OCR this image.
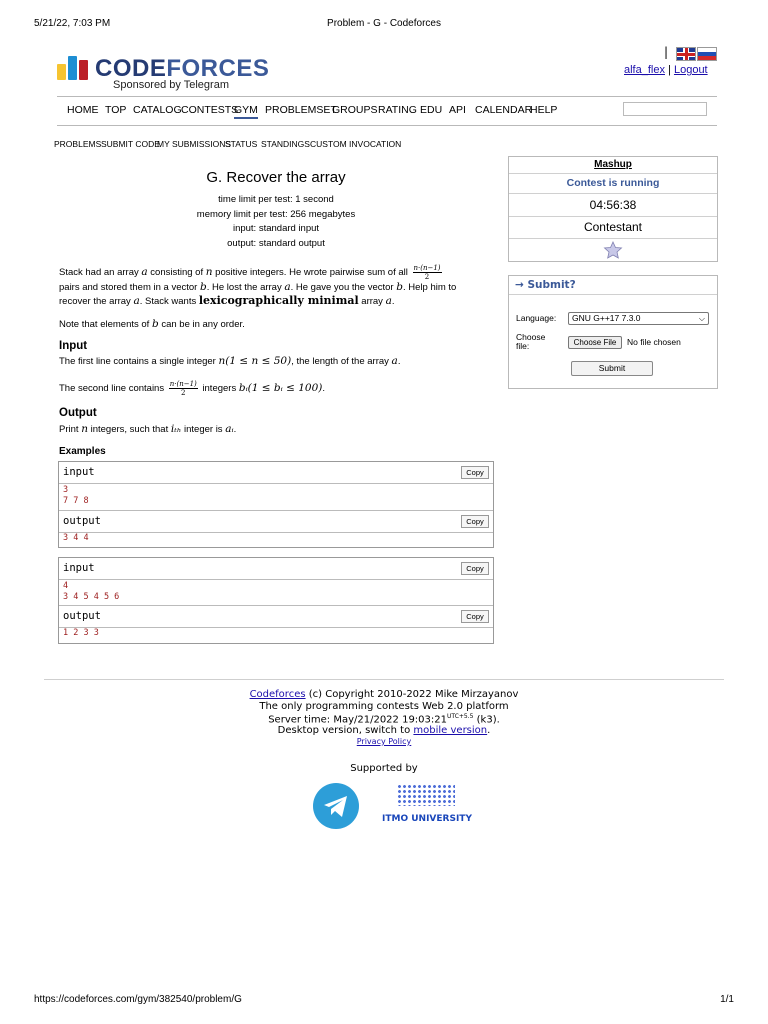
5/21/22, 7:03 PM	Problem - G - Codeforces
CODEFORCES
Sponsored by Telegram
|
alfa_flex | Logout
HOME TOP CATALOG CONTESTS
GYM PROBLEMSET
GROUPS RATING EDU API CALENDAR
HELP
PROBLEMS SUBMIT CODE
MY SUBMISSIONS
STATUS STANDINGS CUSTOM INVOCATION
G. Recover the array
time limit per test: 1 second
memory limit per test: 256 megabytes
input: standard input
output: standard output
Stack had an array a consisting of n positive integers. He wrote pairwise sum of all $\frac{n\cdot(n-1)}{2}$
pairs and stored them in a vector b. He lost the array a. He gave you the vector b. Help him to
recover the array a. Stack wants lexicographically minimal array a.
Note that elements of b can be in any order.
Input
The first line contains a single integer n(1 ≤ n ≤ 50), the length of the array a.
The second line contains $\frac{n\cdot(n-1)}{2}$ integers bᵢ(1 ≤ bᵢ ≤ 100).
Output
Print n integers, such that iₜₕ integer is aᵢ.
Examples
input	Copy
3
7 7 8
output	Copy
3 4 4
input	Copy
4
3 4 5 4 5 6
output	Copy
1 2 3 3
Mashup
Contest is running
04:56:38
Contestant
→ Submit?
Language:	GNU G++17 7.3.0	⌵
Choose file:	Choose File	No file chosen
Submit
Codeforces (c) Copyright 2010-2022 Mike Mirzayanov
The only programming contests Web 2.0 platform
Server time: May/21/2022 $19:03:21^{UTC+5.5}$ (k3).
Desktop version, switch to mobile version.
Privacy Policy
Supported by
ITMO UNIVERSITY
https://codeforces.com/gym/382540/problem/G	1/1
